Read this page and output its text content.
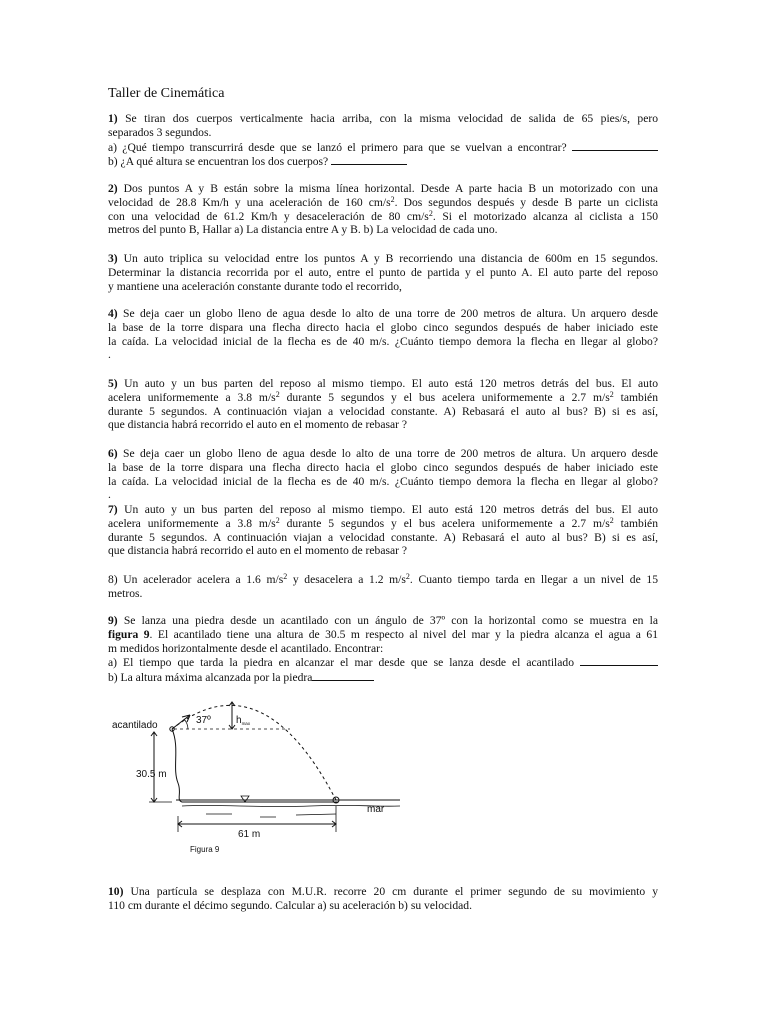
Taller de Cinemática
1) Se tiran dos cuerpos verticalmente hacia arriba, con la misma velocidad de salida de 65 pies/s, pero
separados 3 segundos.
a) ¿Qué tiempo transcurrirá desde que se lanzó el primero para que se vuelvan a encontrar?
b) ¿A qué altura se encuentran los dos cuerpos?
2) Dos puntos A y B están sobre la misma línea horizontal. Desde A parte hacia B un motorizado con una
velocidad de 28.8 Km/h y una aceleración de 160 $cm/s^2$. Dos segundos después y desde B parte un ciclista
con una velocidad de 61.2 Km/h y desaceleración de 80 $cm/s^2$. Si el motorizado alcanza al ciclista a 150
metros del punto B, Hallar a) La distancia entre A y B. b) La velocidad de cada uno.
3) Un auto triplica su velocidad entre los puntos A y B recorriendo una distancia de 600m en 15 segundos.
Determinar la distancia recorrida por el auto, entre el punto de partida y el punto A. El auto parte del reposo
y mantiene una aceleración constante durante todo el recorrido,
4) Se deja caer un globo lleno de agua desde lo alto de una torre de 200 metros de altura. Un arquero desde
la base de la torre dispara una flecha directo hacia el globo cinco segundos después de haber iniciado este
la caída. La velocidad inicial de la flecha es de 40 m/s. ¿Cuánto tiempo demora la flecha en llegar al globo?
.
5) Un auto y un bus parten del reposo al mismo tiempo. El auto está 120 metros detrás del bus. El auto
acelera uniformemente a 3.8 $m/s^2$ durante 5 segundos y el bus acelera uniformemente a 2.7 $m/s^2$ también
durante 5 segundos. A continuación viajan a velocidad constante. A) Rebasará el auto al bus? B) si es así,
que distancia habrá recorrido el auto en el momento de rebasar ?
6) Se deja caer un globo lleno de agua desde lo alto de una torre de 200 metros de altura. Un arquero desde
la base de la torre dispara una flecha directo hacia el globo cinco segundos después de haber iniciado este
la caída. La velocidad inicial de la flecha es de 40 m/s. ¿Cuánto tiempo demora la flecha en llegar al globo?
.
7) Un auto y un bus parten del reposo al mismo tiempo. El auto está 120 metros detrás del bus. El auto
acelera uniformemente a 3.8 $m/s^2$ durante 5 segundos y el bus acelera uniformemente a 2.7 $m/s^2$ también
durante 5 segundos. A continuación viajan a velocidad constante. A) Rebasará el auto al bus? B) si es así,
que distancia habrá recorrido el auto en el momento de rebasar ?
8) Un acelerador acelera a 1.6 $m/s^2$ y desacelera a 1.2 $m/s^2$. Cuanto tiempo tarda en llegar a un nivel de 15
metros.
9) Se lanza una piedra desde un acantilado con un ángulo de 37º con la horizontal como se muestra en la
figura 9. El acantilado tiene una altura de 30.5 m respecto al nivel del mar y la piedra alcanza el agua a 61
m medidos horizontalmente desde el acantilado. Encontrar:
a) El tiempo que tarda la piedra en alcanzar el mar desde que se lanza desde el acantilado
b) La altura máxima alcanzada por la piedra
acantilado	37º	$h_{max}$
30.5 m
mar
61 m
Figura 9
10) Una partícula se desplaza con M.U.R. recorre 20 cm durante el primer segundo de su movimiento y
110 cm durante el décimo segundo. Calcular a) su aceleración b) su velocidad.
